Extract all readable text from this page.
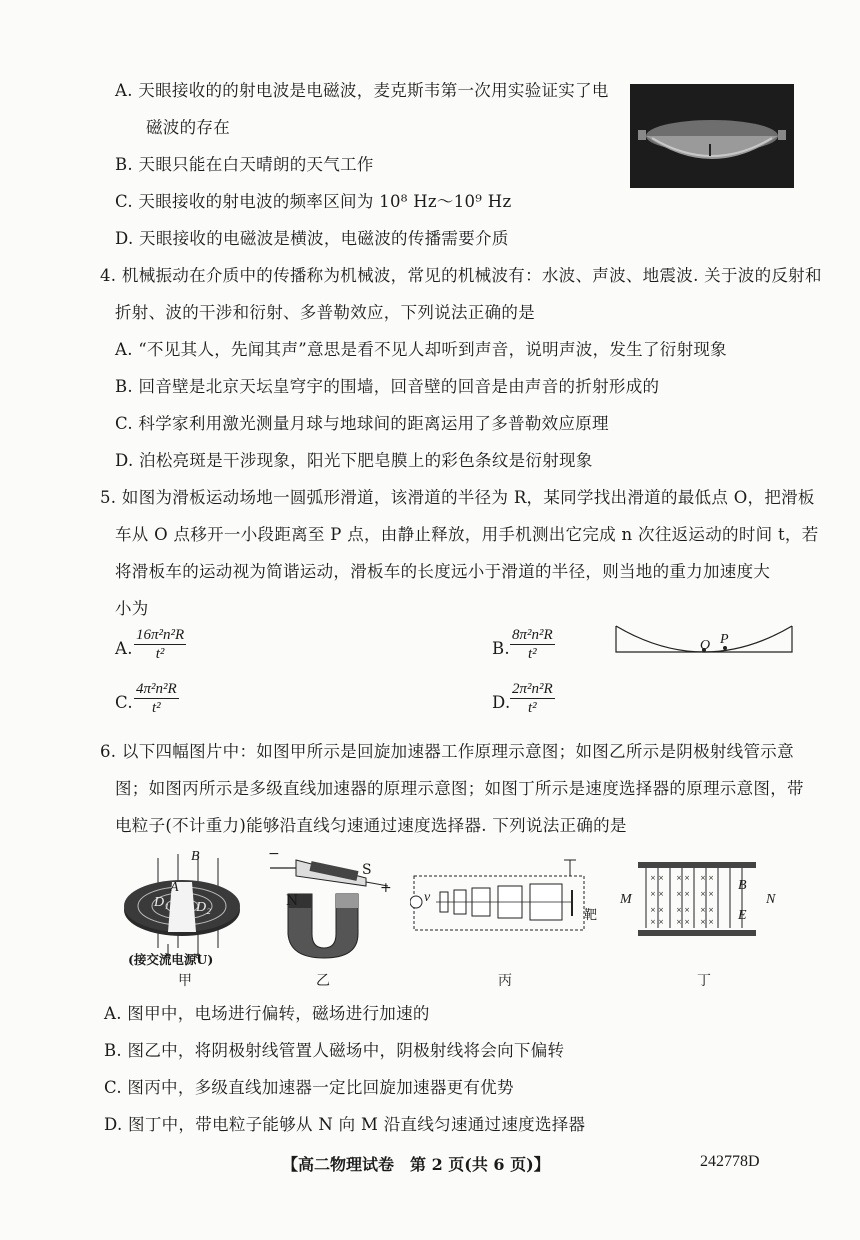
A. 天眼接收的的射电波是电磁波，麦克斯韦第一次用实验证实了电
磁波的存在
B. 天眼只能在白天晴朗的天气工作
C. 天眼接收的射电波的频率区间为 10⁸ Hz～10⁹ Hz
D. 天眼接收的电磁波是横波，电磁波的传播需要介质
4. 机械振动在介质中的传播称为机械波，常见的机械波有：水波、声波、地震波. 关于波的反射和
折射、波的干涉和衍射、多普勒效应，下列说法正确的是
A. “不见其人，先闻其声”意思是看不见人却听到声音，说明声波，发生了衍射现象
B. 回音壁是北京天坛皇穹宇的围墙，回音壁的回音是由声音的折射形成的
C. 科学家利用激光测量月球与地球间的距离运用了多普勒效应原理
D. 泊松亮斑是干涉现象，阳光下肥皂膜上的彩色条纹是衍射现象
5. 如图为滑板运动场地一圆弧形滑道，该滑道的半径为 R，某同学找出滑道的最低点 O，把滑板
车从 O 点移开一小段距离至 P 点，由静止释放，用手机测出它完成 n 次往返运动的时间 t，若
将滑板车的运动视为简谐运动，滑板车的长度远小于滑道的半径，则当地的重力加速度大
小为
A. $\frac{\text{16π²n²R}}{\text{t²}}$	B. $\frac{\text{8π²n²R}}{\text{t²}}$
C. $\frac{\text{4π²n²R}}{\text{t²}}$	D. $\frac{\text{2π²n²R}}{\text{t²}}$
O P
6. 以下四幅图片中：如图甲所示是回旋加速器工作原理示意图；如图乙所示是阴极射线管示意
图；如图丙所示是多级直线加速器的原理示意图；如图丁所示是速度选择器的原理示意图，带
电粒子(不计重力)能够沿直线匀速通过速度选择器. 下列说法正确的是
B
A
D₁ D₂
(接交流电源U)
甲
−
S
+
N
乙
v
靶
丙
× × × × × ×
× × × × × ×
× × × × × ×
× × × × × ×
M	N
B
E
丁
A. 图甲中，电场进行偏转，磁场进行加速的
B. 图乙中，将阴极射线管置人磁场中，阴极射线将会向下偏转
C. 图丙中，多级直线加速器一定比回旋加速器更有优势
D. 图丁中，带电粒子能够从 N 向 M 沿直线匀速通过速度选择器
【高二物理试卷　第 2 页(共 6 页)】	242778D
